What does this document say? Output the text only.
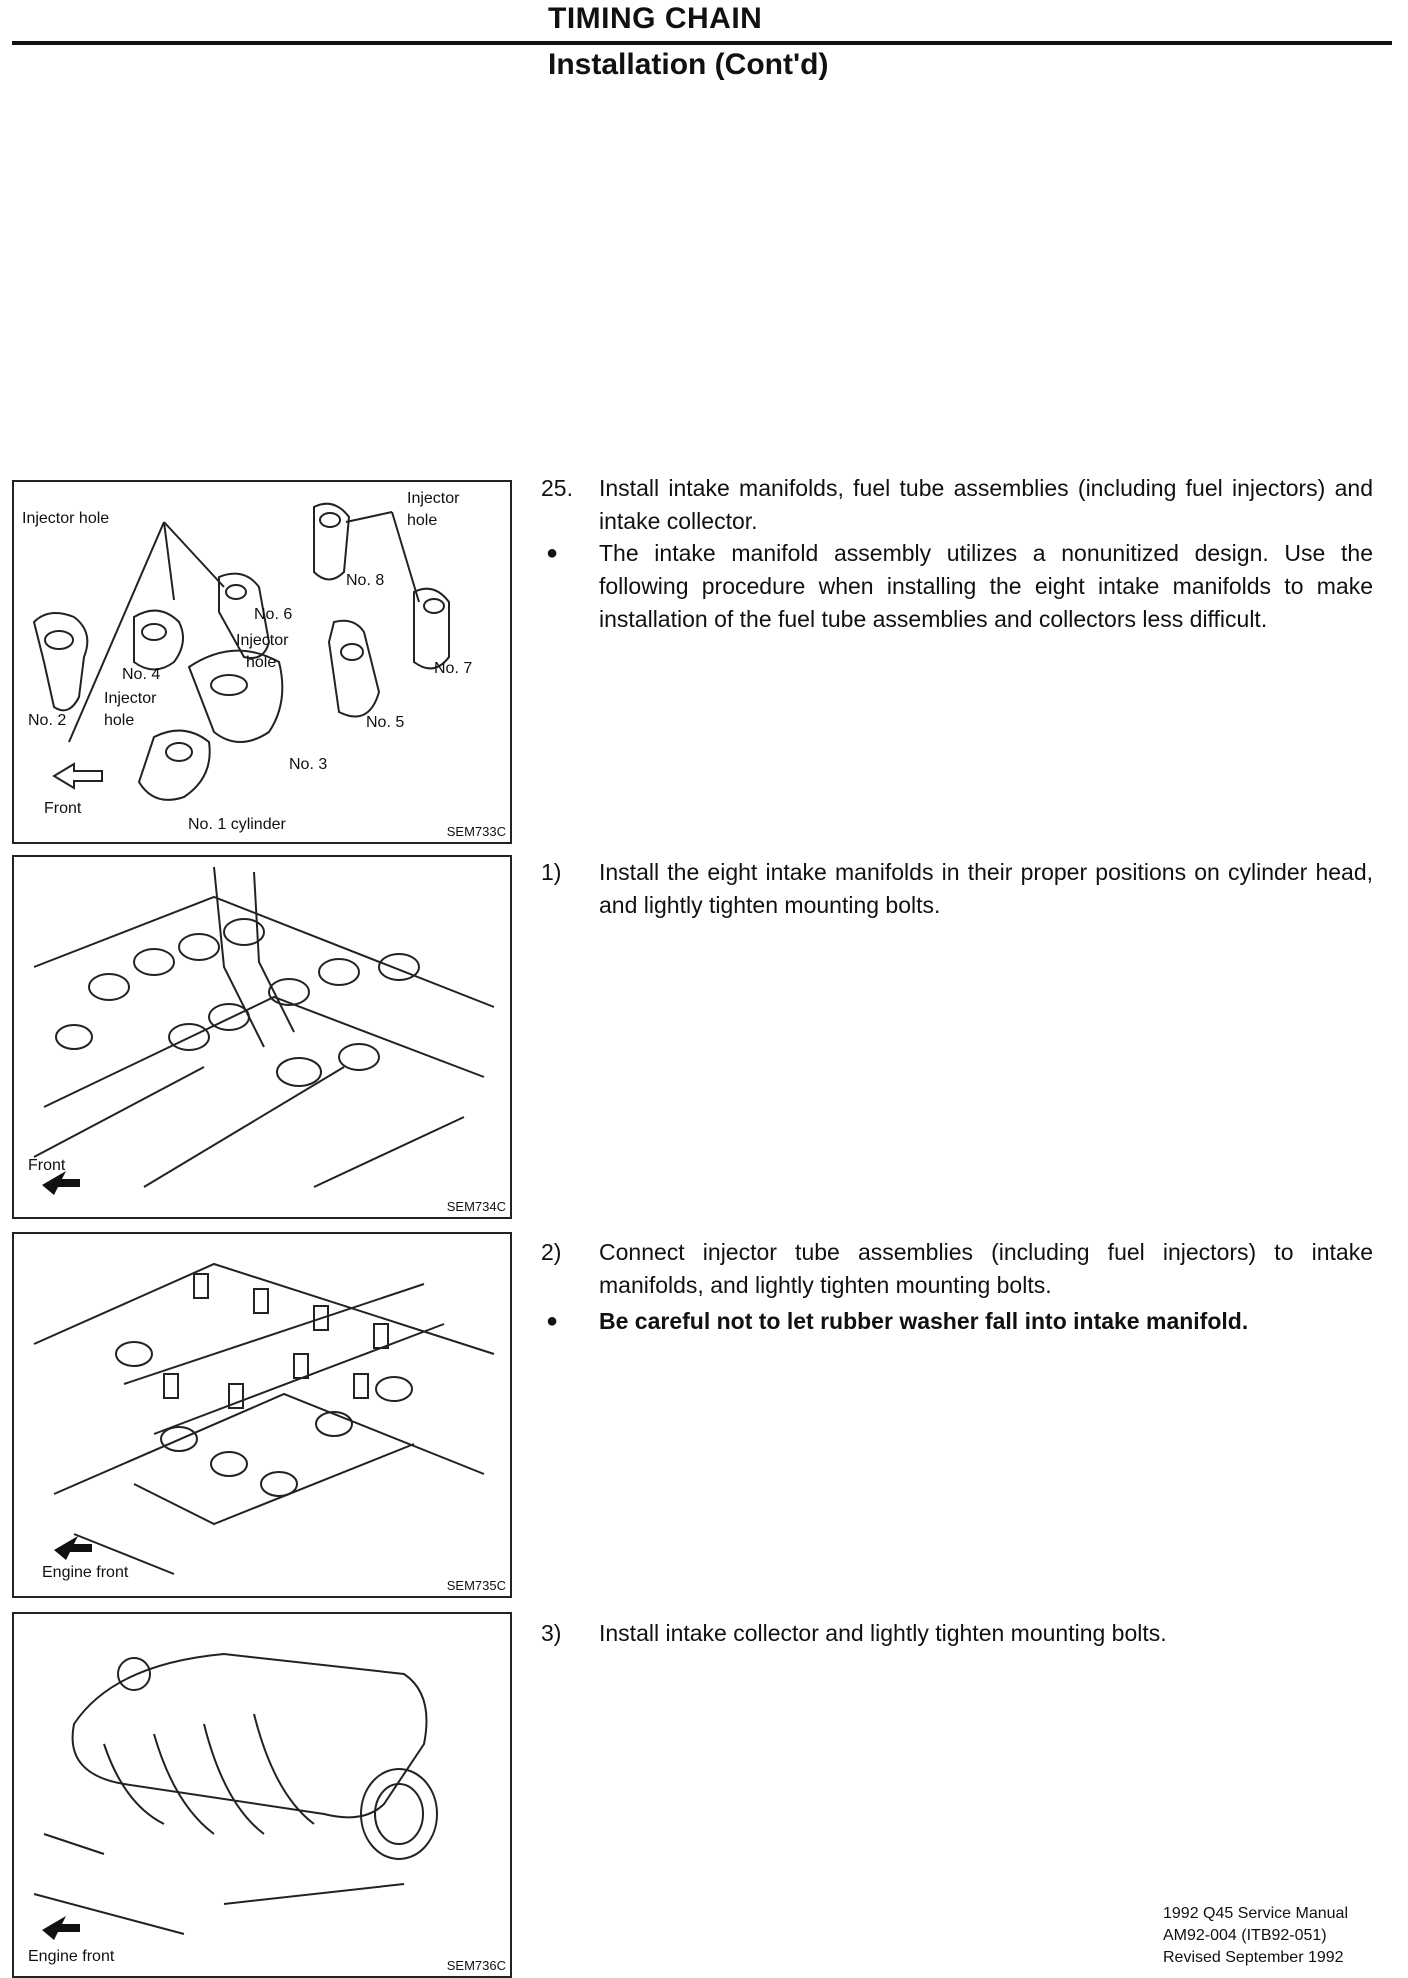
TIMING CHAIN
Installation (Cont'd)
Injector hole
Injector
hole
No. 8
No. 6
Injector
hole
No. 4
Injector
hole
No. 2
No. 7
No. 5
No. 3
Front
No. 1 cylinder	SEM733C
Front
SEM734C
Engine front
SEM735C
Engine front
SEM736C
25. Install intake manifolds, fuel tube assemblies (including fuel injectors) and intake collector.
● The intake manifold assembly utilizes a nonunitized design. Use the following procedure when installing the eight intake manifolds to make installation of the fuel tube assemblies and collectors less difficult.
1) Install the eight intake manifolds in their proper positions on cylinder head, and lightly tighten mounting bolts.
2) Connect injector tube assemblies (including fuel injectors) to intake manifolds, and lightly tighten mounting bolts.
● Be careful not to let rubber washer fall into intake manifold.
3) Install intake collector and lightly tighten mounting bolts.
1992 Q45 Service Manual
AM92-004 (ITB92-051)
Revised September 1992
